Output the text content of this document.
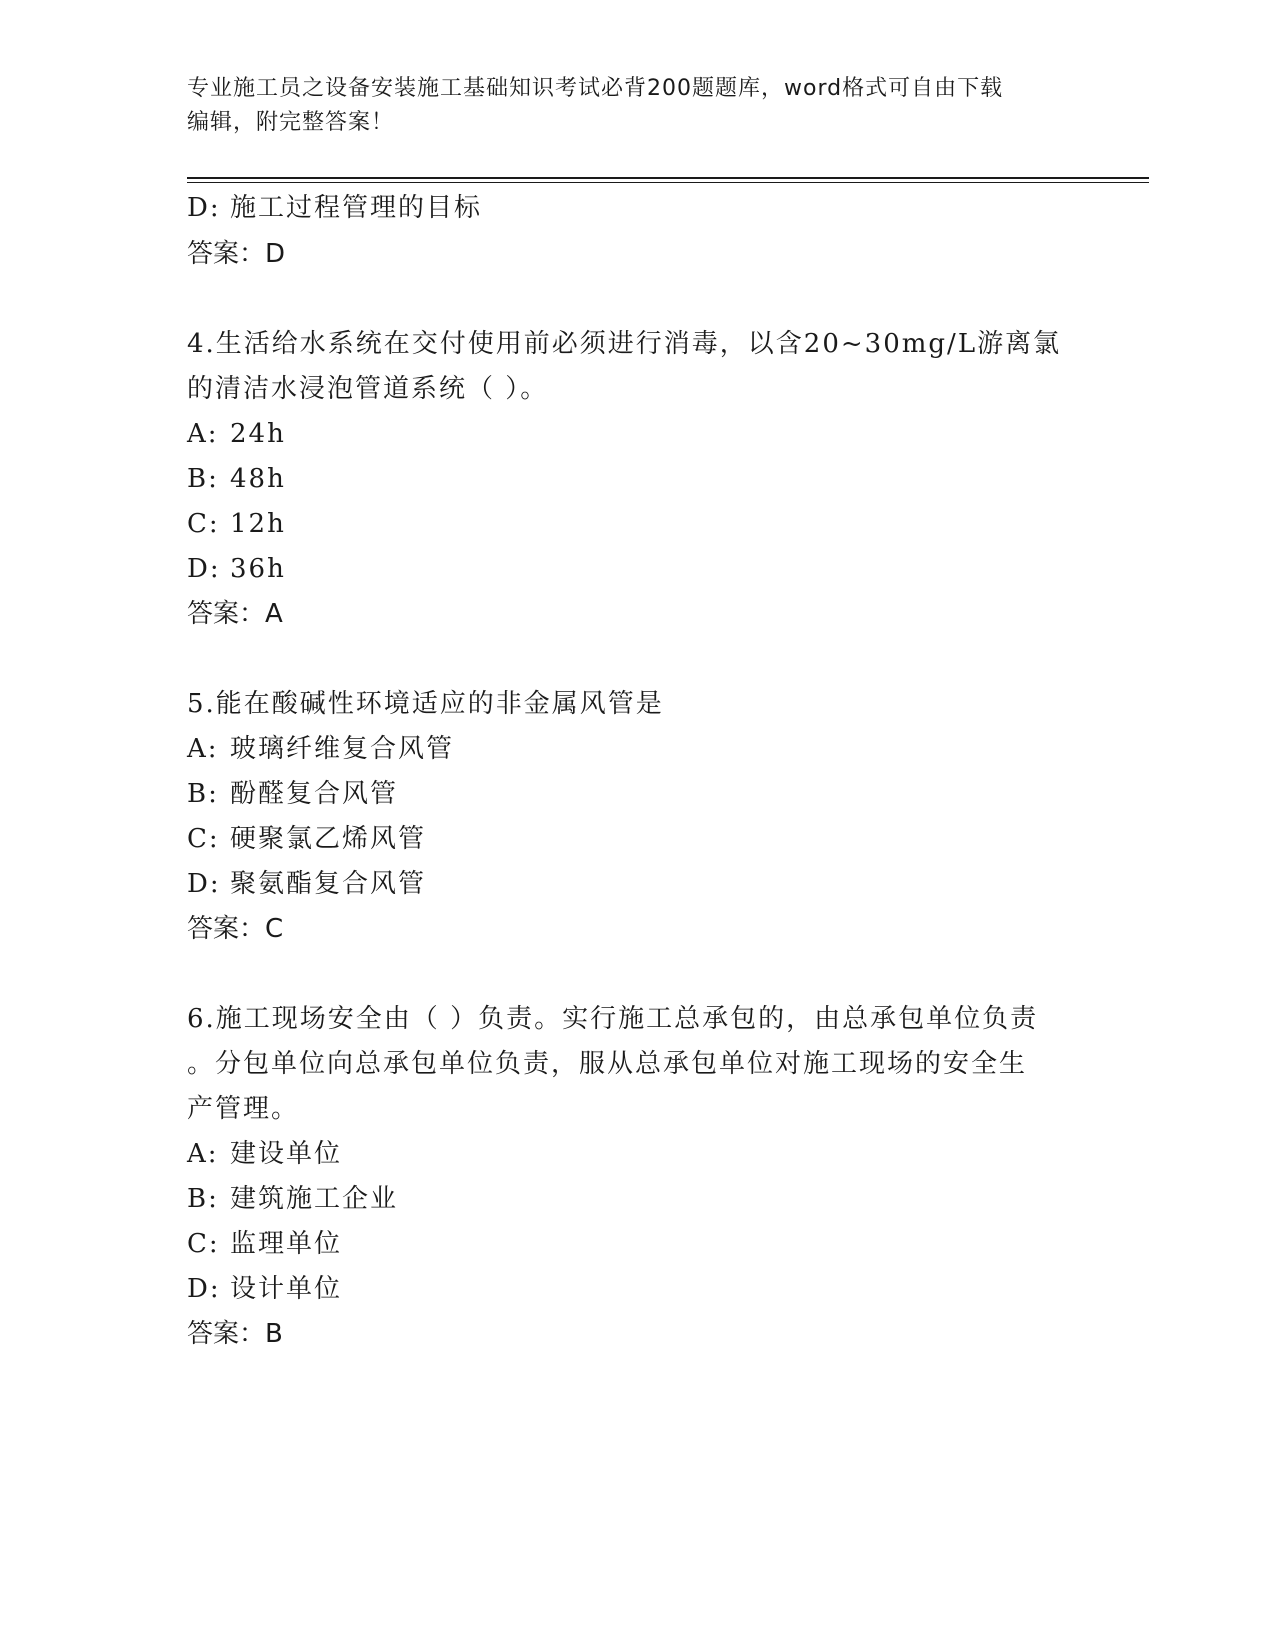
专业施工员之设备安装施工基础知识考试必背200题题库，word格式可自由下载
编辑，附完整答案！
D: 施工过程管理的目标
答案：D
4.生活给水系统在交付使用前必须进行消毒，以含20~30mg/L游离氯
的清洁水浸泡管道系统（ ）。
A: 24h
B: 48h
C: 12h
D: 36h
答案：A
5.能在酸碱性环境适应的非金属风管是
A: 玻璃纤维复合风管
B: 酚醛复合风管
C: 硬聚氯乙烯风管
D: 聚氨酯复合风管
答案：C
6.施工现场安全由（ ）负责。实行施工总承包的，由总承包单位负责
。分包单位向总承包单位负责，服从总承包单位对施工现场的安全生
产管理。
A: 建设单位
B: 建筑施工企业
C: 监理单位
D: 设计单位
答案：B
